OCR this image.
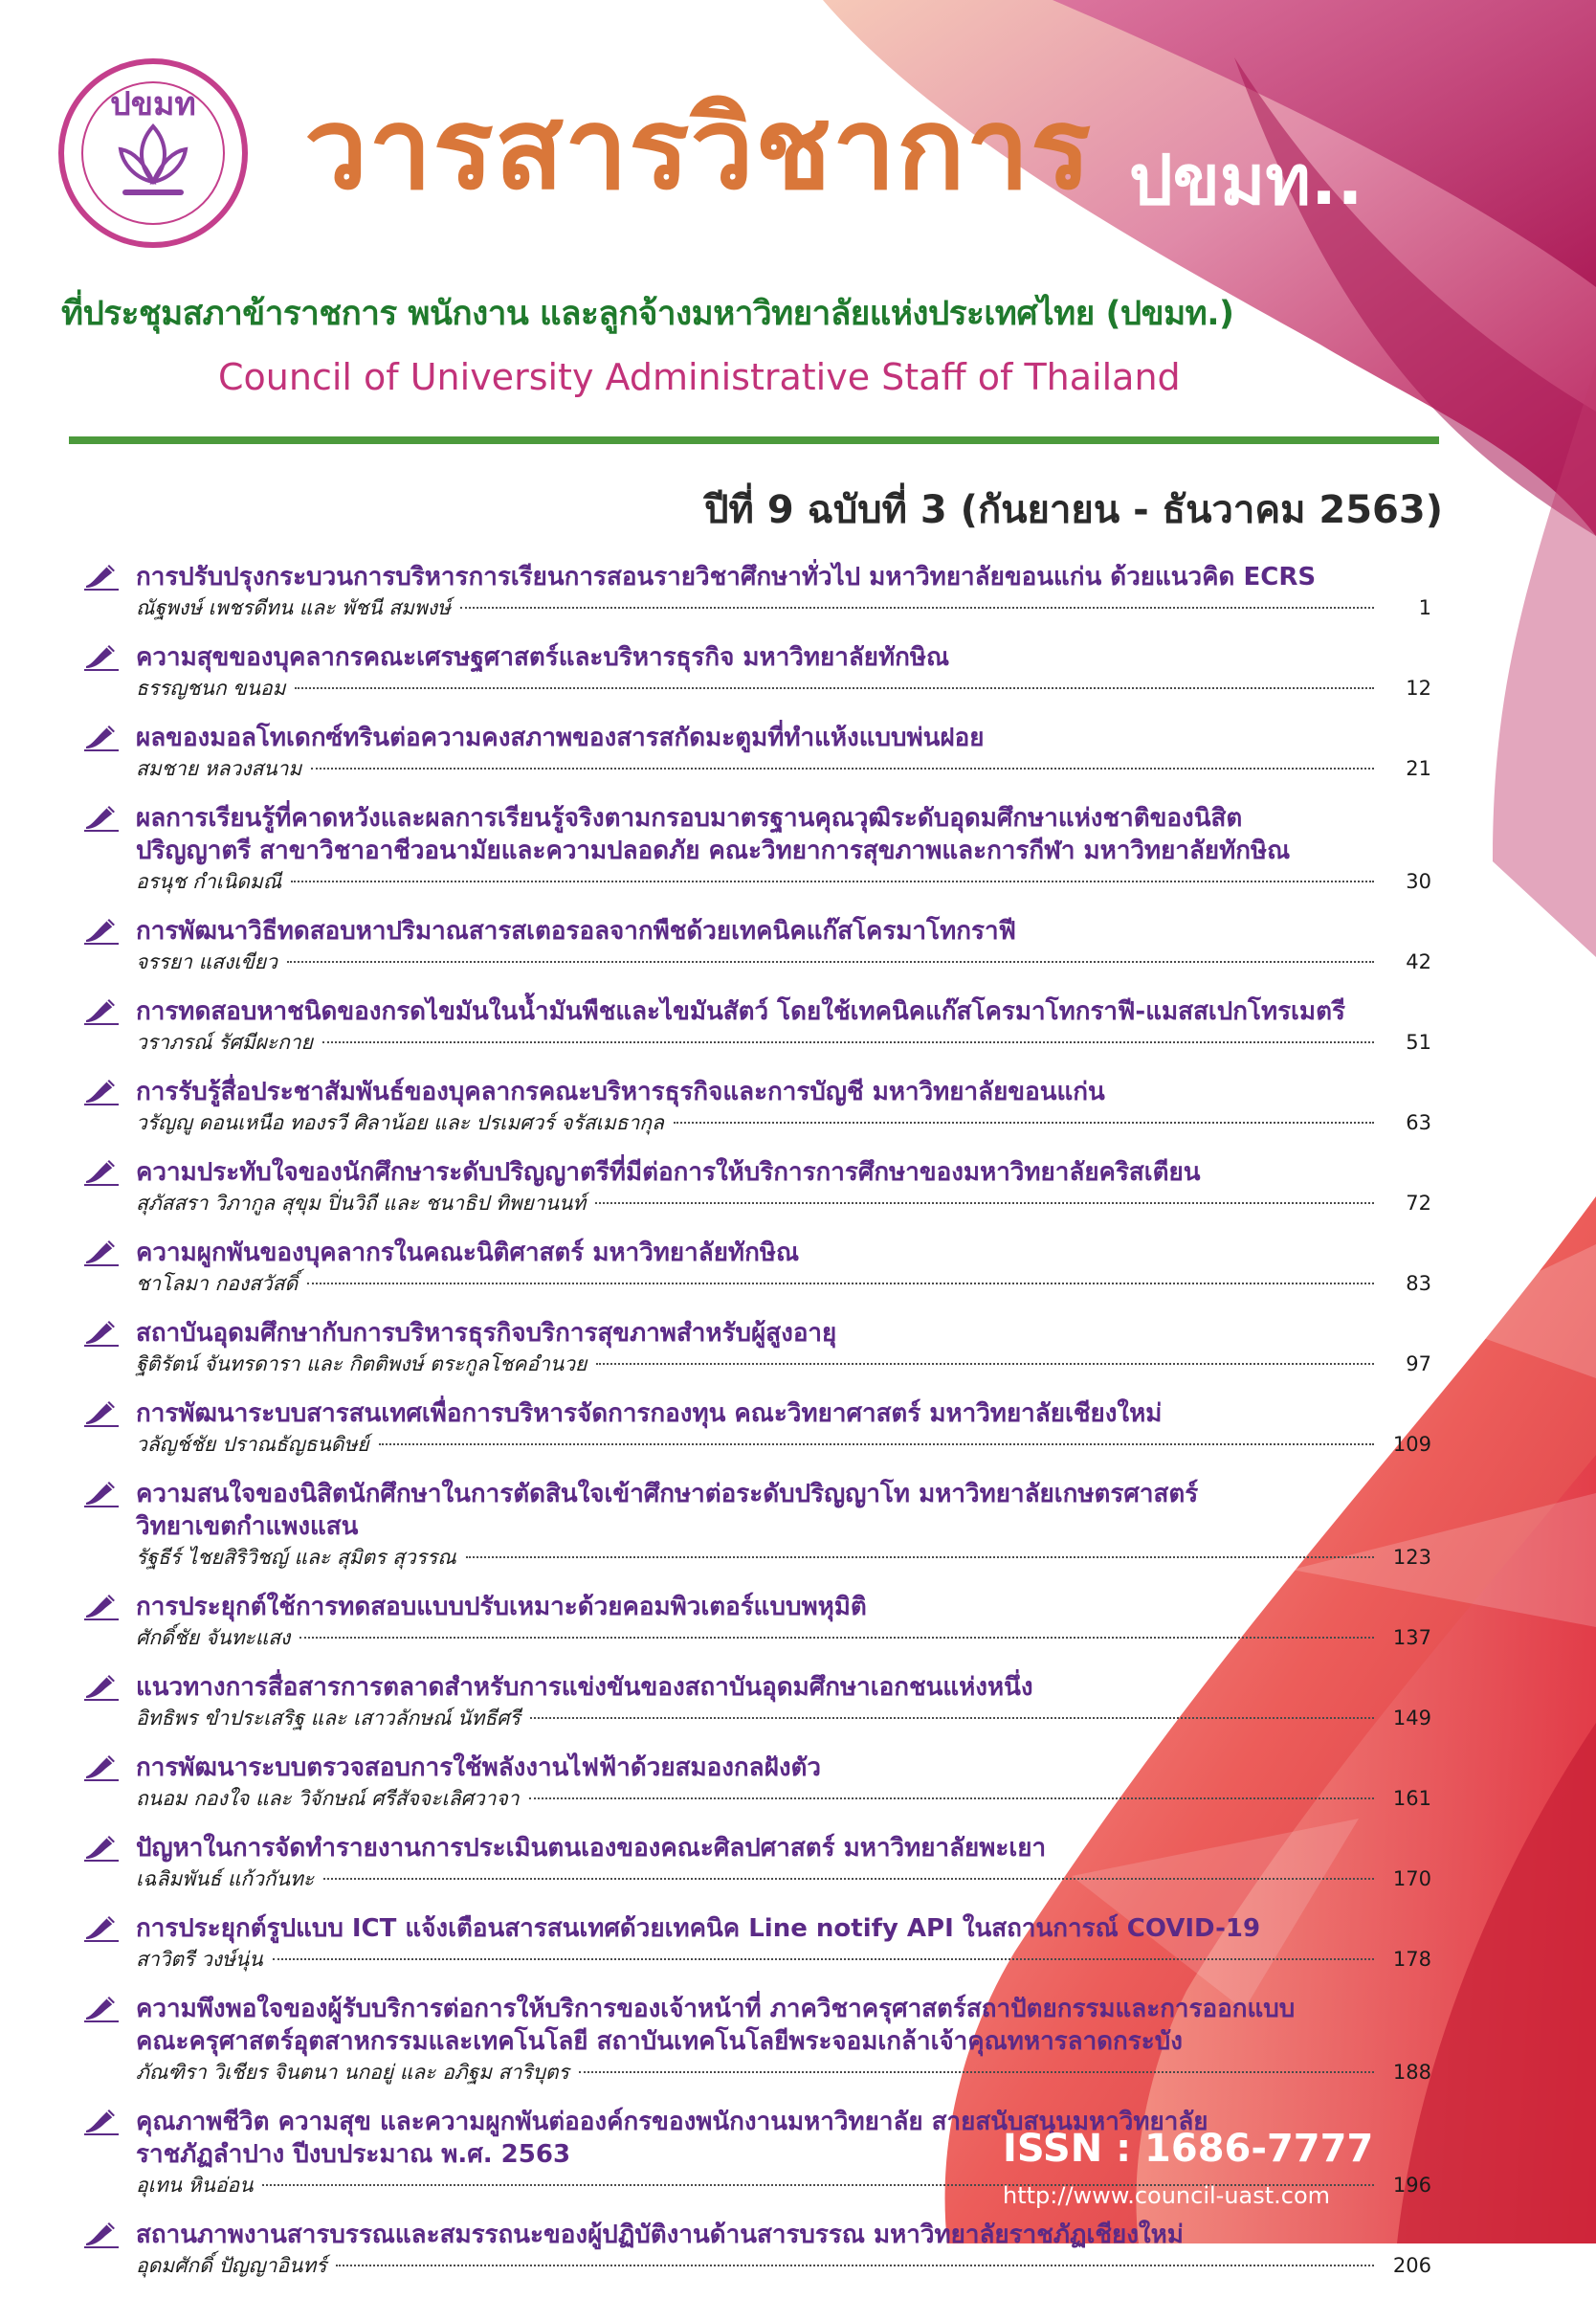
ปขมท วารสารวิชาการ ปขมท..
ที่ประชุมสภาข้าราชการ พนักงาน และลูกจ้างมหาวิทยาลัยแห่งประเทศไทย (ปขมท.)
Council of University Administrative Staff of Thailand
ปีที่ 9 ฉบับที่ 3 (กันยายน - ธันวาคม 2563)
การปรับปรุงกระบวนการบริหารการเรียนการสอนรายวิชาศึกษาทั่วไป มหาวิทยาลัยขอนแก่น ด้วยแนวคิด ECRS
ณัฐพงษ์ เพชรดีทน และ พัชนี สมพงษ์	1
ความสุขของบุคลากรคณะเศรษฐศาสตร์และบริหารธุรกิจ มหาวิทยาลัยทักษิณ
ธรรญชนก ขนอม	12
ผลของมอลโทเดกซ์ทรินต่อความคงสภาพของสารสกัดมะตูมที่ทำแห้งแบบพ่นฝอย
สมชาย หลวงสนาม	21
ผลการเรียนรู้ที่คาดหวังและผลการเรียนรู้จริงตามกรอบมาตรฐานคุณวุฒิระดับอุดมศึกษาแห่งชาติของนิสิต
ปริญญาตรี สาขาวิชาอาชีวอนามัยและความปลอดภัย คณะวิทยาการสุขภาพและการกีฬา มหาวิทยาลัยทักษิณ
อรนุช กำเนิดมณี	30
การพัฒนาวิธีทดสอบหาปริมาณสารสเตอรอลจากพืชด้วยเทคนิคแก๊สโครมาโทกราฟี
จรรยา แสงเขียว	42
การทดสอบหาชนิดของกรดไขมันในน้ำมันพืชและไขมันสัตว์ โดยใช้เทคนิคแก๊สโครมาโทกราฟี-แมสสเปกโทรเมตรี
วราภรณ์ รัศมีผะกาย	51
การรับรู้สื่อประชาสัมพันธ์ของบุคลากรคณะบริหารธุรกิจและการบัญชี มหาวิทยาลัยขอนแก่น
วรัญญู ดอนเหนือ ทองรวี ศิลาน้อย และ ปรเมศวร์ จรัสเมธากุล	63
ความประทับใจของนักศึกษาระดับปริญญาตรีที่มีต่อการให้บริการการศึกษาของมหาวิทยาลัยคริสเตียน
สุภัสสรา วิภากูล สุขุม ปิ่นวิถี และ ชนาธิป ทิพยานนท์	72
ความผูกพันของบุคลากรในคณะนิติศาสตร์ มหาวิทยาลัยทักษิณ
ชาโลมา กองสวัสดิ์	83
สถาบันอุดมศึกษากับการบริหารธุรกิจบริการสุขภาพสำหรับผู้สูงอายุ
ฐิติรัตน์ จันทรดารา และ กิตติพงษ์ ตระกูลโชคอำนวย	97
การพัฒนาระบบสารสนเทศเพื่อการบริหารจัดการกองทุน คณะวิทยาศาสตร์ มหาวิทยาลัยเชียงใหม่
วลัญช์ชัย ปราณธัญธนดิษย์	109
ความสนใจของนิสิตนักศึกษาในการตัดสินใจเข้าศึกษาต่อระดับปริญญาโท มหาวิทยาลัยเกษตรศาสตร์
วิทยาเขตกำแพงแสน
รัฐธีร์ ไชยสิริวิชญ์ และ สุมิตร สุวรรณ	123
การประยุกต์ใช้การทดสอบแบบปรับเหมาะด้วยคอมพิวเตอร์แบบพหุมิติ
ศักดิ์ชัย จันทะแสง	137
แนวทางการสื่อสารการตลาดสำหรับการแข่งขันของสถาบันอุดมศึกษาเอกชนแห่งหนึ่ง
อิทธิพร ขำประเสริฐ และ เสาวลักษณ์ นัทธีศรี	149
การพัฒนาระบบตรวจสอบการใช้พลังงานไฟฟ้าด้วยสมองกลฝังตัว
ถนอม กองใจ และ วิจักษณ์ ศรีสัจจะเลิศวาจา	161
ปัญหาในการจัดทำรายงานการประเมินตนเองของคณะศิลปศาสตร์ มหาวิทยาลัยพะเยา
เฉลิมพันธ์ แก้วกันทะ	170
การประยุกต์รูปแบบ ICT แจ้งเตือนสารสนเทศด้วยเทคนิค Line notify API ในสถานการณ์ COVID-19
สาวิตรี วงษ์นุ่น	178
ความพึงพอใจของผู้รับบริการต่อการให้บริการของเจ้าหน้าที่ ภาควิชาครุศาสตร์สถาปัตยกรรมและการออกแบบ
คณะครุศาสตร์อุตสาหกรรมและเทคโนโลยี สถาบันเทคโนโลยีพระจอมเกล้าเจ้าคุณทหารลาดกระบัง
ภัณฑิรา วิเชียร จินตนา นกอยู่ และ อภิฐม สาริบุตร	188
คุณภาพชีวิต ความสุข และความผูกพันต่อองค์กรของพนักงานมหาวิทยาลัย สายสนับสนุนมหาวิทยาลัย
ราชภัฏลำปาง ปีงบประมาณ พ.ศ. 2563
อุเทน หินอ่อน	196
สถานภาพงานสารบรรณและสมรรถนะของผู้ปฏิบัติงานด้านสารบรรณ มหาวิทยาลัยราชภัฏเชียงใหม่
อุดมศักดิ์ ปัญญาอินทร์	206
ISSN : 1686-7777
http://www.council-uast.com
